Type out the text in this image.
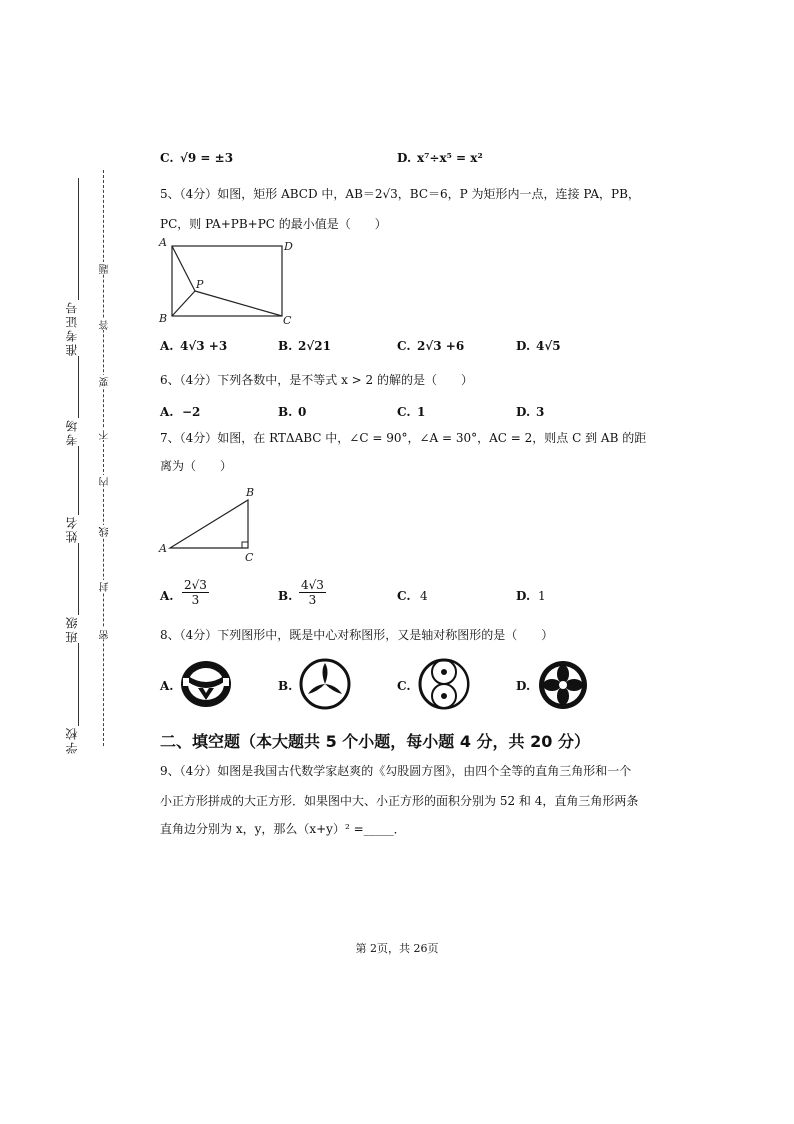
准考证号
考场
姓名
班级
学校
题
答
要
不
内
线
封
密
C. √9 = ±3	D. x⁷÷x⁵ = x²
5、（4分）如图，矩形 ABCD 中，AB＝2√3，BC＝6，P 为矩形内一点，连接 PA，PB，
PC，则 PA+PB+PC 的最小值是（　　）
A	D
P
B	C
A. 4√3 +3	B. 2√21	C. 2√3 +6	D. 4√5
6、（4分）下列各数中，是不等式 x > 2 的解的是（　　）
A. −2	B. 0	C. 1	D. 3
7、（4分）如图，在 RTΔABC 中，∠C = 90°，∠A = 30°，AC = 2，则点 C 到 AB 的距
离为（　　）
B
A
C
A. $\frac{2√3}{3}$	B. $\frac{4√3}{3}$	C. 4	D. 1
8、（4分）下列图形中，既是中心对称图形，又是轴对称图形的是（　　）
A.	B.	C.	D.
二、填空题（本大题共 5 个小题，每小题 4 分，共 20 分）
9、（4分）如图是我国古代数学家赵爽的《勾股圆方图》，由四个全等的直角三角形和一个
小正方形拼成的大正方形．如果图中大、小正方形的面积分别为 52 和 4，直角三角形两条
直角边分别为 x，y，那么（x+y）² =_____．
第 2页，共 26页
